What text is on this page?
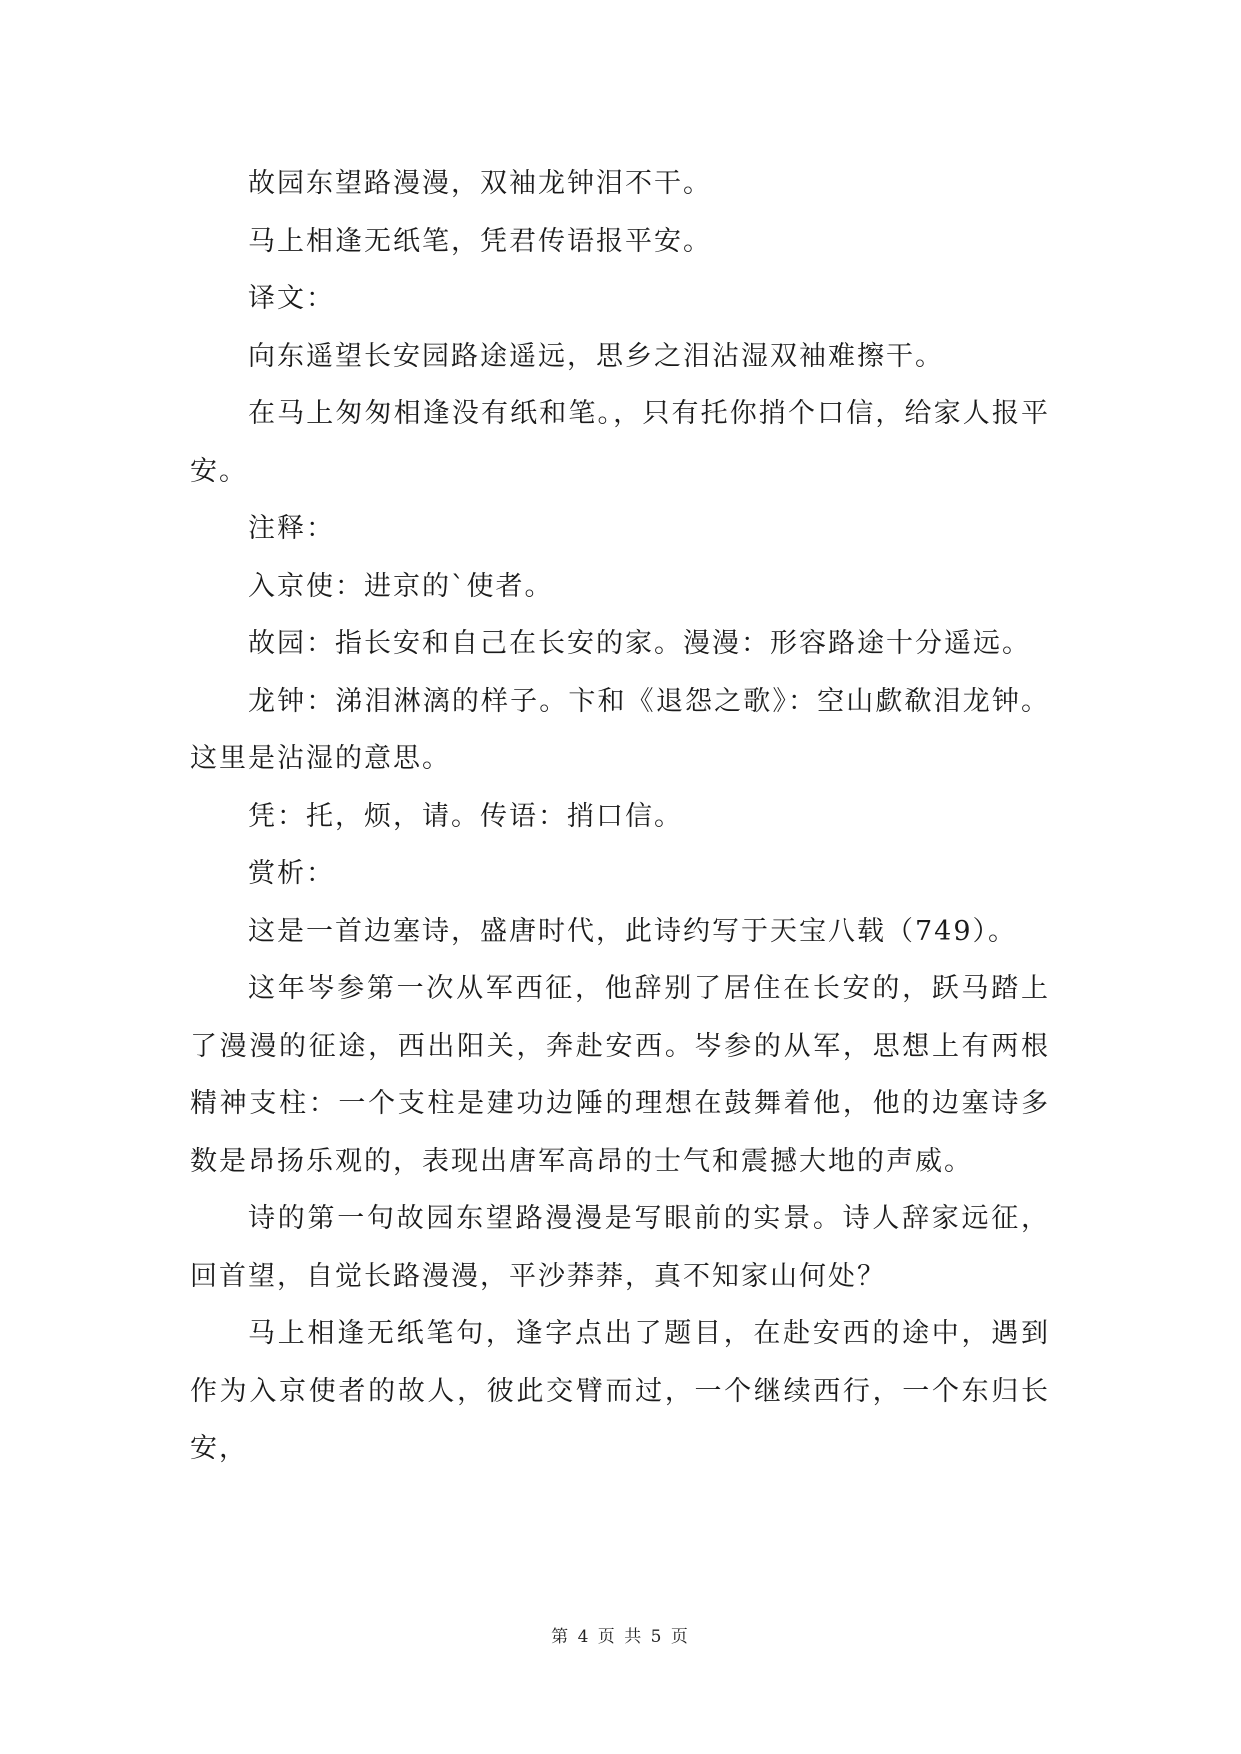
故园东望路漫漫，双袖龙钟泪不干。

马上相逢无纸笔，凭君传语报平安。

译文：

向东遥望长安园路途遥远，思乡之泪沾湿双袖难擦干。

在马上匆匆相逢没有纸和笔。，只有托你捎个口信，给家人报平安。

注释：

入京使：进京的`使者。

故园：指长安和自己在长安的家。漫漫：形容路途十分遥远。

龙钟：涕泪淋漓的样子。卞和《退怨之歌》：空山歔欷泪龙钟。这里是沾湿的意思。

凭：托，烦，请。传语：捎口信。

赏析：

这是一首边塞诗，盛唐时代，此诗约写于天宝八载（749）。

这年岑参第一次从军西征，他辞别了居住在长安的，跃马踏上了漫漫的征途，西出阳关，奔赴安西。岑参的从军，思想上有两根精神支柱：一个支柱是建功边陲的理想在鼓舞着他，他的边塞诗多数是昂扬乐观的，表现出唐军高昂的士气和震撼大地的声威。

诗的第一句故园东望路漫漫是写眼前的实景。诗人辞家远征，回首望，自觉长路漫漫，平沙莽莽，真不知家山何处？

马上相逢无纸笔句，逢字点出了题目，在赴安西的途中，遇到作为入京使者的故人，彼此交臂而过，一个继续西行，一个东归长安，

第 4 页 共 5 页
